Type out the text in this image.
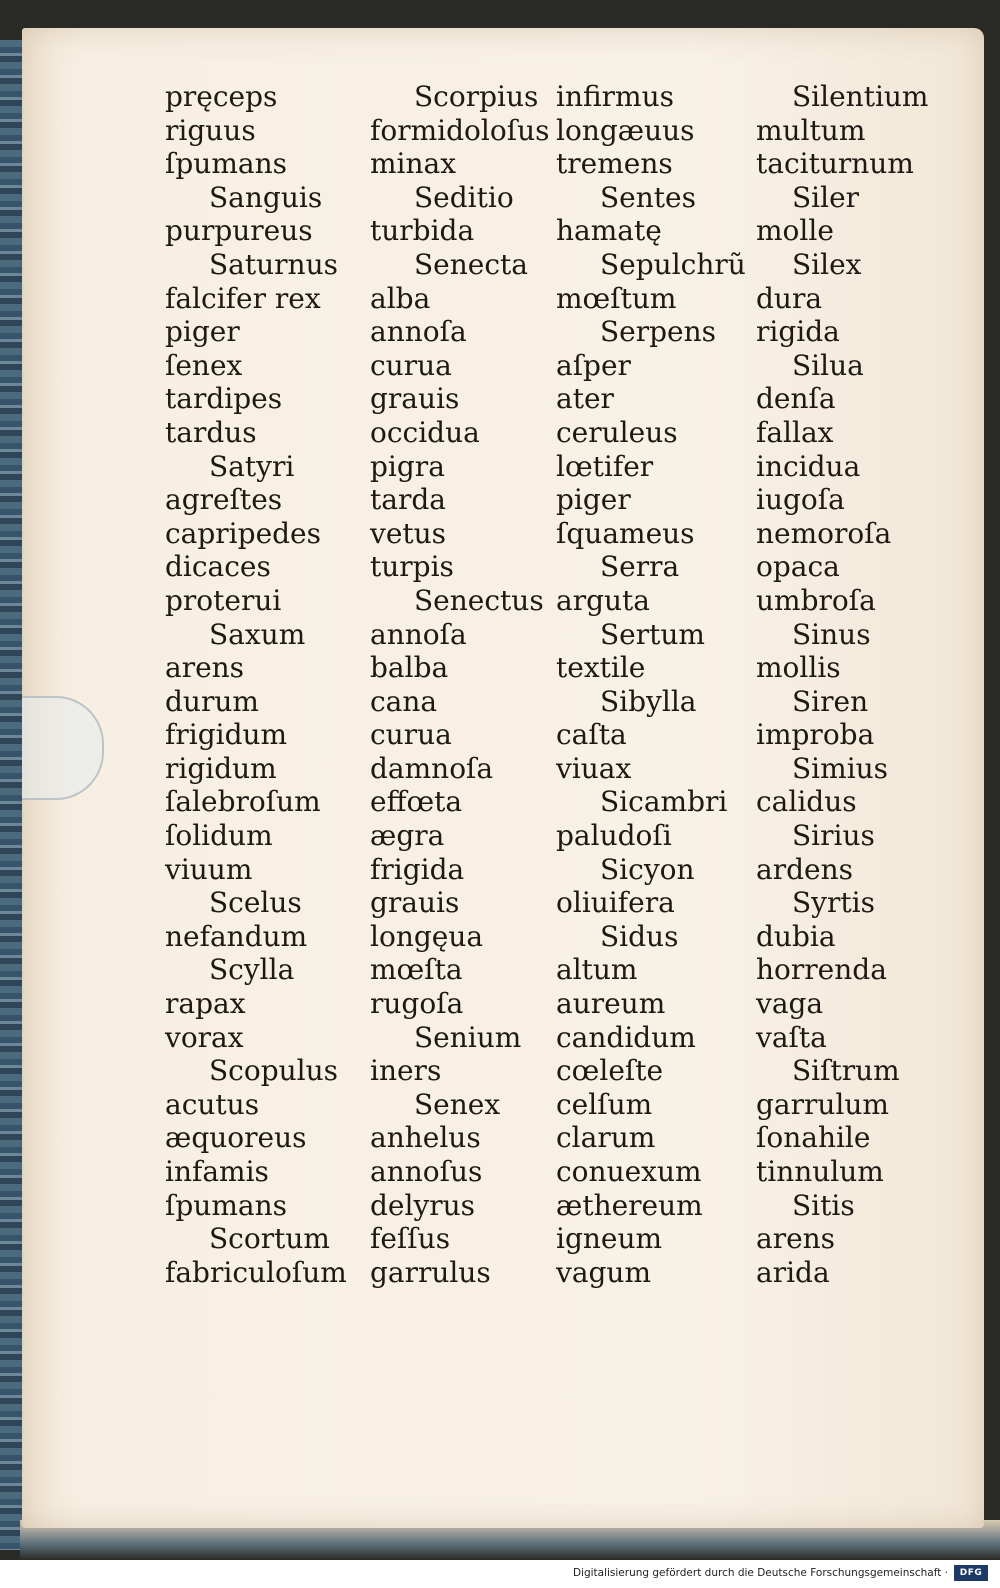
pręceps
riguus
ſpumans
Sanguis
purpureus
Saturnus
falcifer rex
piger
ſenex
tardipes
tardus
Satyri
agreſtes
capripedes
dicaces
proterui
Saxum
arens
durum
frigidum
rigidum
ſalebroſum
ſolidum
viuum
Scelus
nefandum
Scylla
rapax
vorax
Scopulus
acutus
æquoreus
infamis
ſpumans
Scortum
fabriculoſum
Scorpius
formidoloſus
minax
Seditio
turbida
Senecta
alba
annoſa
curua
grauis
occidua
pigra
tarda
vetus
turpis
Senectus
annoſa
balba
cana
curua
damnoſa
effœta
ægra
frigida
grauis
longęua
mœſta
rugoſa
Senium
iners
Senex
anhelus
annoſus
delyrus
feſſus
garrulus
infirmus
longæuus
tremens
Sentes
hamatę
Sepulchrũ
mœſtum
Serpens
aſper
ater
ceruleus
lœtifer
piger
ſquameus
Serra
arguta
Sertum
textile
Sibylla
caſta
viuax
Sicambri
paludoſi
Sicyon
oliuifera
Sidus
altum
aureum
candidum
cœleſte
celſum
clarum
conuexum
æthereum
igneum
vagum
Silentium
multum
taciturnum
Siler
molle
Silex
dura
rigida
Silua
denſa
fallax
incidua
iugoſa
nemoroſa
opaca
umbroſa
Sinus
mollis
Siren
improba
Simius
calidus
Sirius
ardens
Syrtis
dubia
horrenda
vaga
vaſta
Siſtrum
garrulum
ſonahile
tinnulum
Sitis
arens
arida
Digitalisierung gefördert durch die Deutsche Forschungsgemeinschaft ·	DFG
